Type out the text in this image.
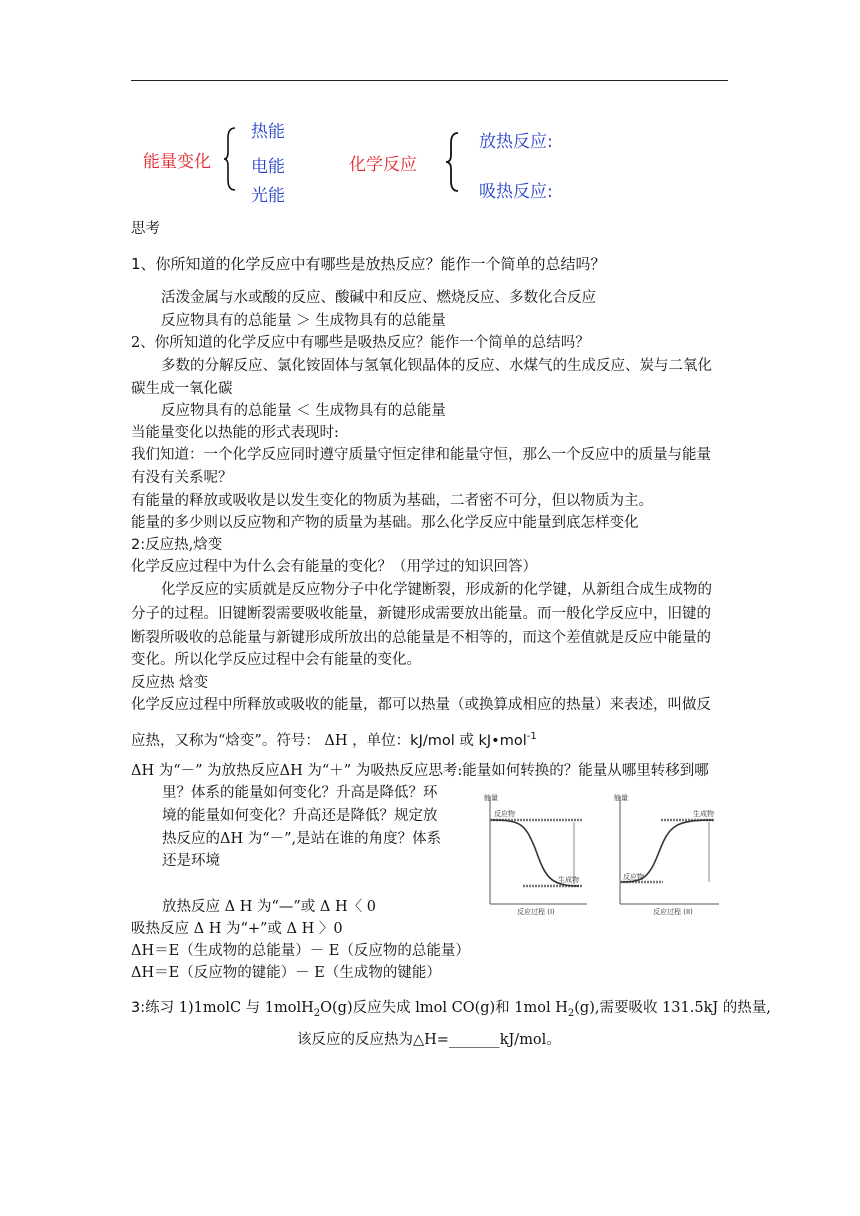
能量变化
热能
电能
光能
化学反应
放热反应:
吸热反应:
思考
1、你所知道的化学反应中有哪些是放热反应？能作一个简单的总结吗？
活泼金属与水或酸的反应、酸碱中和反应、燃烧反应、多数化合反应
反应物具有的总能量 ＞ 生成物具有的总能量
2、你所知道的化学反应中有哪些是吸热反应？能作一个简单的总结吗？
多数的分解反应、氯化铵固体与氢氧化钡晶体的反应、水煤气的生成反应、炭与二氧化
碳生成一氧化碳
反应物具有的总能量 ＜ 生成物具有的总能量
当能量变化以热能的形式表现时:
我们知道：一个化学反应同时遵守质量守恒定律和能量守恒，那么一个反应中的质量与能量
有没有关系呢？
有能量的释放或吸收是以发生变化的物质为基础，二者密不可分，但以物质为主。
能量的多少则以反应物和产物的质量为基础。那么化学反应中能量到底怎样变化
2:反应热,焓变
化学反应过程中为什么会有能量的变化？（用学过的知识回答）
化学反应的实质就是反应物分子中化学键断裂，形成新的化学键，从新组合成生成物的
分子的过程。旧键断裂需要吸收能量，新键形成需要放出能量。而一般化学反应中，旧键的
断裂所吸收的总能量与新键形成所放出的总能量是不相等的，而这个差值就是反应中能量的
变化。所以化学反应过程中会有能量的变化。
反应热 焓变
化学反应过程中所释放或吸收的能量，都可以热量（或换算成相应的热量）来表述，叫做反
应热，又称为“焓变”。符号： ΔH ，单位：kJ/mol 或 kJ•mol$^{-1}$
ΔH 为“－” 为放热反应ΔH 为“＋” 为吸热反应思考:能量如何转换的？能量从哪里转移到哪
里？体系的能量如何变化？升高是降低？环
境的能量如何变化？升高还是降低？规定放
热反应的ΔH 为“－”,是站在谁的角度？体系
还是环境
能量
反应物
生成物
反应过程 (I)
能量
生成物
反应物
反应过程 (II)
放热反应 Δ H 为“—”或 Δ H〈 0
吸热反应 Δ H 为“+”或 Δ H 〉0
ΔH＝E（生成物的总能量）－ E（反应物的总能量）
ΔH＝E（反应物的键能）－ E（生成物的键能）
3:练习 1)1molC 与 1molH$_2$O(g)反应失成 lmol CO(g)和 1mol $H_2(g)$,需要吸收 131.5kJ 的热量,
该反应的反应热为△H=_______kJ/mol。
